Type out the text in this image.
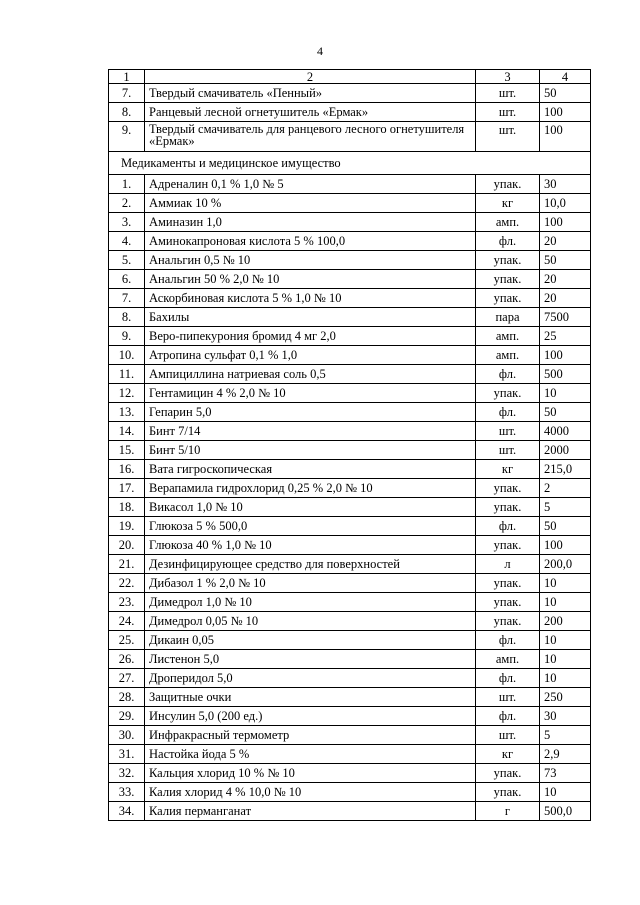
4
1	2	3	4
7.	Твердый смачиватель «Пенный»	шт.	50
8.	Ранцевый лесной огнетушитель «Ермак»	шт.	100
9.	Твердый смачиватель для ранцевого лесного огнетушителя «Ермак»	шт.	100
Медикаменты и медицинское имущество			
1.	Адреналин 0,1 % 1,0 № 5	упак.	30
2.	Аммиак 10 %	кг	10,0
3.	Аминазин 1,0	амп.	100
4.	Аминокапроновая кислота 5 % 100,0	фл.	20
5.	Анальгин 0,5 № 10	упак.	50
6.	Анальгин 50 % 2,0 № 10	упак.	20
7.	Аскорбиновая кислота 5 % 1,0 № 10	упак.	20
8.	Бахилы	пара	7500
9.	Веро-пипекурония бромид 4 мг 2,0	амп.	25
10.	Атропина сульфат 0,1 % 1,0	амп.	100
11.	Ампициллина натриевая соль 0,5	фл.	500
12.	Гентамицин 4 % 2,0 № 10	упак.	10
13.	Гепарин 5,0	фл.	50
14.	Бинт 7/14	шт.	4000
15.	Бинт 5/10	шт.	2000
16.	Вата гигроскопическая	кг	215,0
17.	Верапамила гидрохлорид 0,25 % 2,0 № 10	упак.	2
18.	Викасол 1,0 № 10	упак.	5
19.	Глюкоза 5 % 500,0	фл.	50
20.	Глюкоза 40 % 1,0 № 10	упак.	100
21.	Дезинфицирующее средство для поверхностей	л	200,0
22.	Дибазол 1 % 2,0 № 10	упак.	10
23.	Димедрол 1,0 № 10	упак.	10
24.	Димедрол 0,05 № 10	упак.	200
25.	Дикаин 0,05	фл.	10
26.	Листенон 5,0	амп.	10
27.	Дроперидол 5,0	фл.	10
28.	Защитные очки	шт.	250
29.	Инсулин 5,0 (200 ед.)	фл.	30
30.	Инфракрасный термометр	шт.	5
31.	Настойка йода 5 %	кг	2,9
32.	Кальция хлорид 10 % № 10	упак.	73
33.	Калия хлорид 4 % 10,0 № 10	упак.	10
34.	Калия перманганат	г	500,0
